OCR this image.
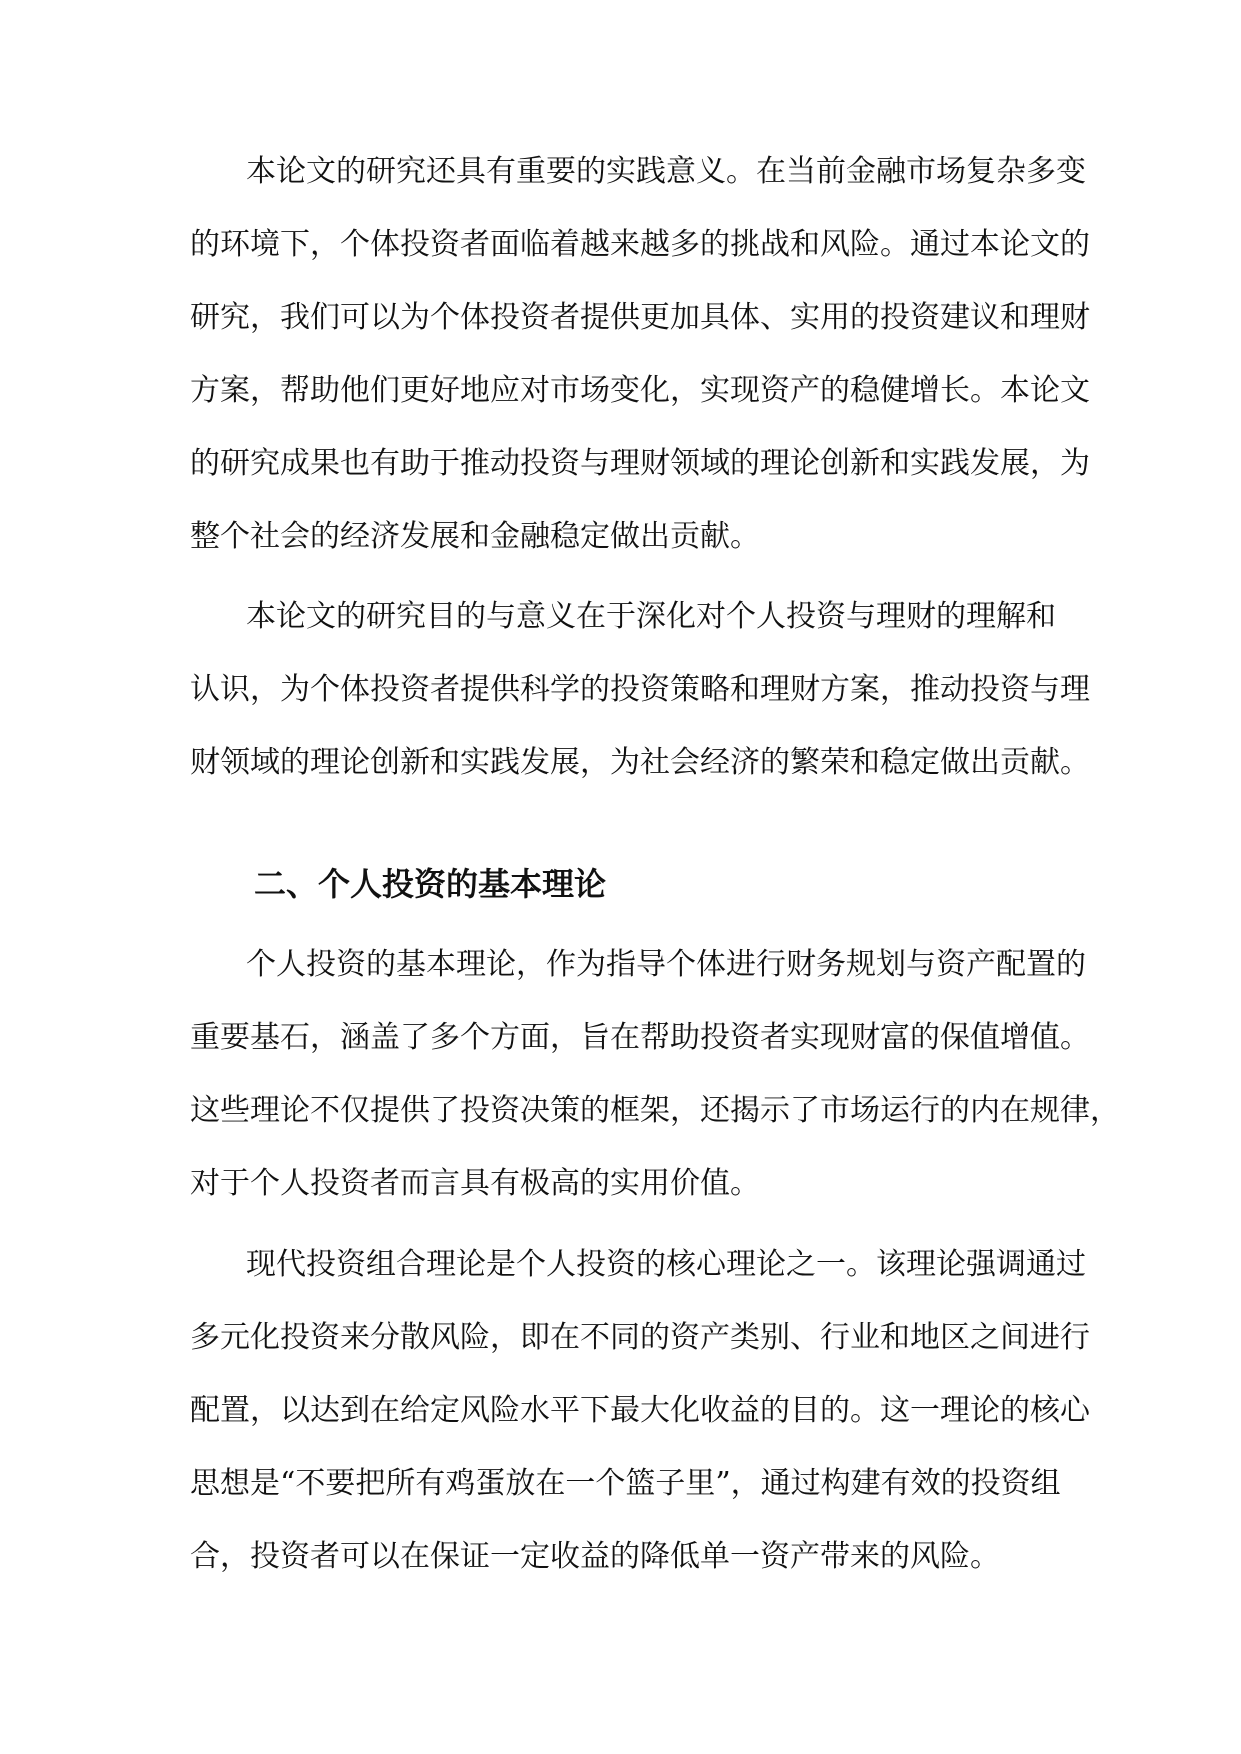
本论文的研究还具有重要的实践意义。在当前金融市场复杂多变
的环境下，个体投资者面临着越来越多的挑战和风险。通过本论文的
研究，我们可以为个体投资者提供更加具体、实用的投资建议和理财
方案，帮助他们更好地应对市场变化，实现资产的稳健增长。本论文
的研究成果也有助于推动投资与理财领域的理论创新和实践发展，为
整个社会的经济发展和金融稳定做出贡献。
本论文的研究目的与意义在于深化对个人投资与理财的理解和
认识，为个体投资者提供科学的投资策略和理财方案，推动投资与理
财领域的理论创新和实践发展，为社会经济的繁荣和稳定做出贡献。
二、个人投资的基本理论
个人投资的基本理论，作为指导个体进行财务规划与资产配置的
重要基石，涵盖了多个方面，旨在帮助投资者实现财富的保值增值。
这些理论不仅提供了投资决策的框架，还揭示了市场运行的内在规律，
对于个人投资者而言具有极高的实用价值。
现代投资组合理论是个人投资的核心理论之一。该理论强调通过
多元化投资来分散风险，即在不同的资产类别、行业和地区之间进行
配置，以达到在给定风险水平下最大化收益的目的。这一理论的核心
思想是“不要把所有鸡蛋放在一个篮子里”，通过构建有效的投资组
合，投资者可以在保证一定收益的降低单一资产带来的风险。
